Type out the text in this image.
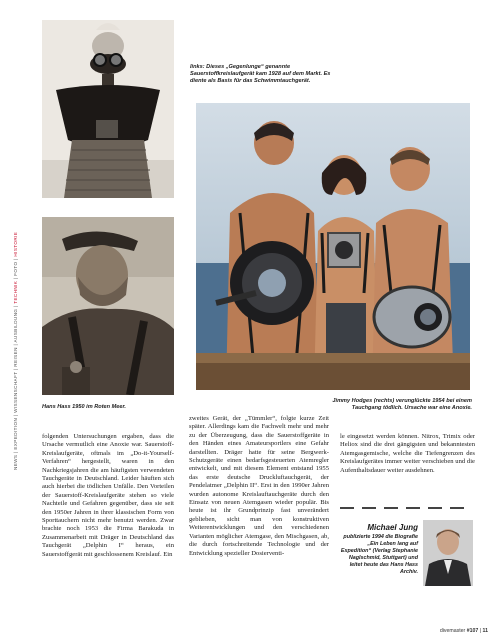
NEWS | EXPEDITION | WISSENSCHAFT | REISEN | AUSBILDUNG | TECHNIK | FOTO | HISTORIE
links: Dieses „Gegenlunge“ genannte Sauerstoffkreislaufgerät kam 1928 auf dem Markt. Es diente als Basis für das Schwimmtauchgerät.
Hans Hass 1950 im Roten Meer.
Jimmy Hodges (rechts) verunglückte 1954 bei einem Tauchgang tödlich. Ursache war eine Anoxie.

folgenden Untersuchungen ergaben, dass die Ursache vermutlich eine Anoxie war. Sauerstoff-Kreislaufgeräte, oftmals im „Do-it-Yourself-Verfahren“ hergestellt, waren in den Nachkriegsjahren die am häufigsten verwendeten Tauchgeräte in Deutschland. Leider häuften sich auch hierbei die tödlichen Unfälle. Den Vorteilen der Sauerstoff-Kreislaufgeräte stehen so viele Nachteile und Gefahren gegenüber, dass sie seit den 1950er Jahren in ihrer klassischen Form von Sporttauchern nicht mehr benutzt werden. Zwar brachte noch 1953 die Firma Barakuda in Zusammenarbeit mit Dräger in Deutschland das Tauchgerät „Delphin I“ heraus, ein Sauerstoffgerät mit geschlossenem Kreislauf. Ein

zweites Gerät, der „Tümmler“, folgte kurze Zeit später. Allerdings kam die Fachwelt mehr und mehr zu der Überzeugung, dass die Sauerstoffgeräte in den Händen eines Amateursportlers eine Gefahr darstellten. Dräger hatte für seine Bergwerk-Schutzgeräte einen bedarfsgesteuerten Atemregler entwickelt, und mit diesem Element entstand 1955 das erste deutsche Druckluftauchgerät, der Pendelatmer „Delphin II“. Erst in den 1990er Jahren wurden autonome Kreislauftauchgeräte durch den Einsatz von neuen Atemgasen wieder populär. Bis heute ist ihr Grundprinzip fast unverändert geblieben, sicht man von konstruktiven Weiterentwicklungen und den verschiedenen Varianten möglicher Atemgase, den Mischgasen, ab, die durch fortschreitende Technologie und der Entwicklung spezieller Dosierventi-

le eingesetzt werden können. Nitrox, Trimix oder Heliox sind die drei gängigsten und bekanntesten Atemgasgemische, welche die Tiefengrenzen des Kreislaufgerätes immer weiter verschieben und die Aufenthaltsdauer weiter ausdehnen.

Michael Jung
publizierte 1994 die Biografie „Ein Leben lang auf Expedition“ (Verlag Stephanie Naglschmid, Stuttgart) und leitet heute das Hans Hass Archiv.
divemaster #107 | 11
